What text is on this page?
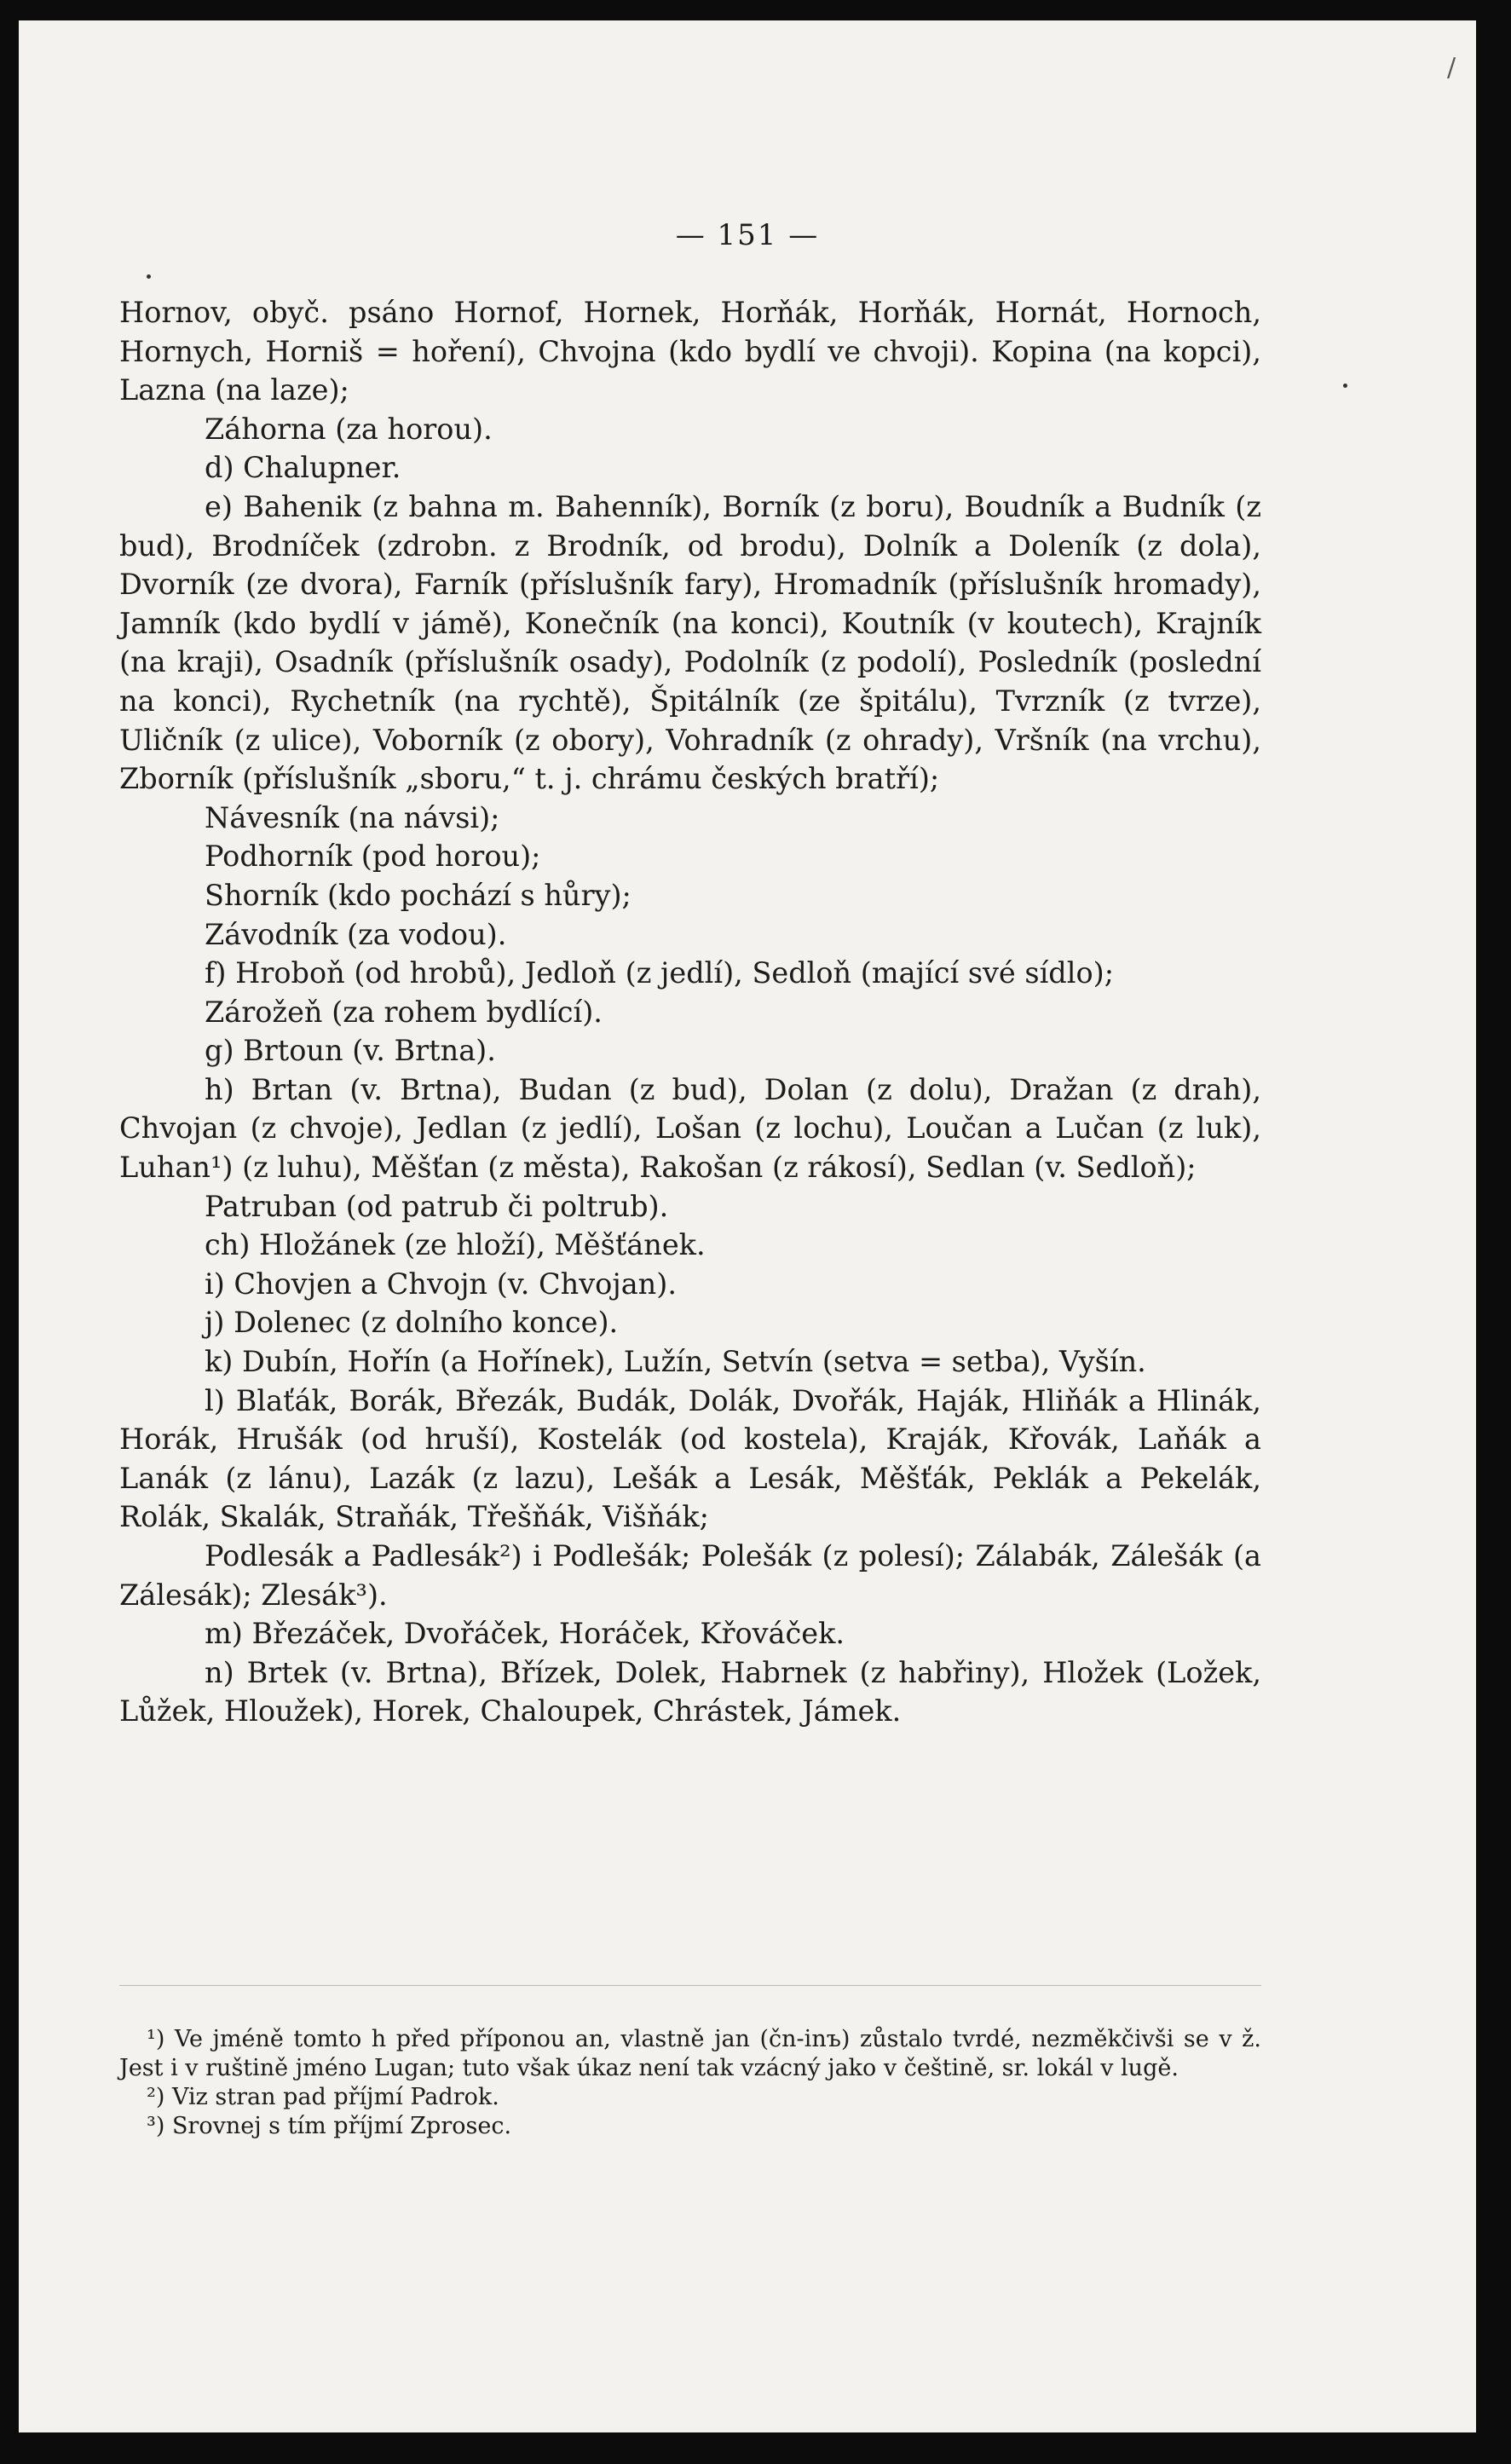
/
— 151 —

Hornov, obyč. psáno Hornof, Hornek, Horňák, Horňák, Hornát, Hornoch, Hornych, Horniš = hoření), Chvojna (kdo bydlí ve chvoji). Kopina (na kopci), Lazna (na laze);

Záhorna (za horou).

d) Chalupner.

e) Bahenik (z bahna m. Bahenník), Borník (z boru), Boudník a Budník (z bud), Brodníček (zdrobn. z Brodník, od brodu), Dolník a Doleník (z dola), Dvorník (ze dvora), Farník (příslušník fary), Hromadník (příslušník hromady), Jamník (kdo bydlí v jámě), Konečník (na konci), Koutník (v koutech), Krajník (na kraji), Osadník (příslušník osady), Podolník (z podolí), Posledník (poslední na konci), Rychetník (na rychtě), Špitálník (ze špitálu), Tvrzník (z tvrze), Uličník (z ulice), Voborník (z obory), Vohradník (z ohrady), Vršník (na vrchu), Zborník (příslušník „sboru,“ t. j. chrámu českých bratří);

Návesník (na návsi);

Podhorník (pod horou);

Shorník (kdo pochází s hůry);

Závodník (za vodou).

f) Hroboň (od hrobů), Jedloň (z jedlí), Sedloň (mající své sídlo);

Zárožeň (za rohem bydlící).

g) Brtoun (v. Brtna).

h) Brtan (v. Brtna), Budan (z bud), Dolan (z dolu), Dražan (z drah), Chvojan (z chvoje), Jedlan (z jedlí), Lošan (z lochu), Loučan a Lučan (z luk), Luhan¹) (z luhu), Měšťan (z města), Rakošan (z rákosí), Sedlan (v. Sedloň);

Patruban (od patrub či poltrub).

ch) Hložánek (ze hloží), Měšťánek.

i) Chovjen a Chvojn (v. Chvojan).

j) Dolenec (z dolního konce).

k) Dubín, Hořín (a Hořínek), Lužín, Setvín (setva = setba), Vyšín.

l) Blaťák, Borák, Březák, Budák, Dolák, Dvořák, Haják, Hliňák a Hlinák, Horák, Hrušák (od hruší), Kostelák (od kostela), Kraják, Křovák, Laňák a Lanák (z lánu), Lazák (z lazu), Lešák a Lesák, Měšťák, Peklák a Pekelák, Rolák, Skalák, Straňák, Třešňák, Višňák;

Podlesák a Padlesák²) i Podlešák; Polešák (z polesí); Zálabák, Zálešák (a Zálesák); Zlesák³).

m) Březáček, Dvořáček, Horáček, Křováček.

n) Brtek (v. Brtna), Břízek, Dolek, Habrnek (z habřiny), Hložek (Ložek, Lůžek, Hloužek), Horek, Chaloupek, Chrástek, Jámek.

¹) Ve jméně tomto h před příponou an, vlastně jan (čn-inъ) zůstalo tvrdé, nezměkčivši se v ž. Jest i v ruštině jméno Lugan; tuto však úkaz není tak vzácný jako v češtině, sr. lokál v lugě.

²) Viz stran pad příjmí Padrok.

³) Srovnej s tím příjmí Zprosec.
